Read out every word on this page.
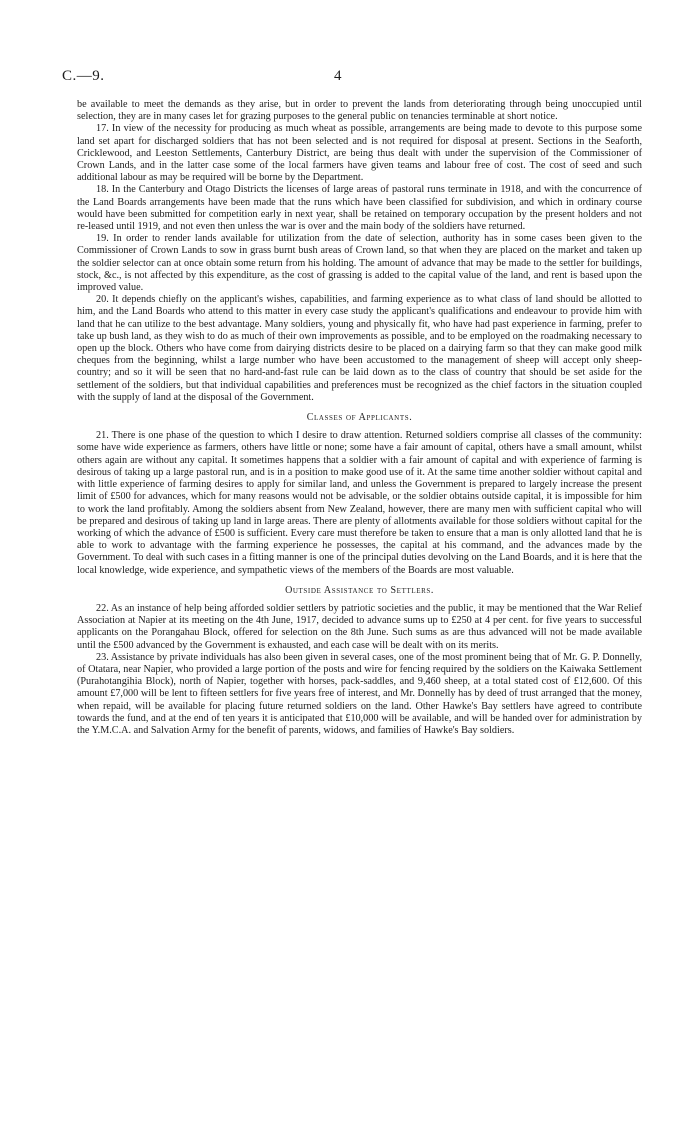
C.—9.	4

be available to meet the demands as they arise, but in order to prevent the lands from deteriorating through being unoccupied until selection, they are in many cases let for grazing purposes to the general public on tenancies terminable at short notice.

17. In view of the necessity for producing as much wheat as possible, arrangements are being made to devote to this purpose some land set apart for discharged soldiers that has not been selected and is not required for disposal at present. Sections in the Seaforth, Cricklewood, and Leeston Settlements, Canterbury District, are being thus dealt with under the supervision of the Commissioner of Crown Lands, and in the latter case some of the local farmers have given teams and labour free of cost. The cost of seed and such additional labour as may be required will be borne by the Department.

18. In the Canterbury and Otago Districts the licenses of large areas of pastoral runs terminate in 1918, and with the concurrence of the Land Boards arrangements have been made that the runs which have been classified for subdivision, and which in ordinary course would have been submitted for competition early in next year, shall be retained on temporary occupation by the present holders and not re-leased until 1919, and not even then unless the war is over and the main body of the soldiers have returned.

19. In order to render lands available for utilization from the date of selection, authority has in some cases been given to the Commissioner of Crown Lands to sow in grass burnt bush areas of Crown land, so that when they are placed on the market and taken up the soldier selector can at once obtain some return from his holding. The amount of advance that may be made to the settler for buildings, stock, &c., is not affected by this expenditure, as the cost of grassing is added to the capital value of the land, and rent is based upon the improved value.

20. It depends chiefly on the applicant's wishes, capabilities, and farming experience as to what class of land should be allotted to him, and the Land Boards who attend to this matter in every case study the applicant's qualifications and endeavour to provide him with land that he can utilize to the best advantage. Many soldiers, young and physically fit, who have had past experience in farming, prefer to take up bush land, as they wish to do as much of their own improvements as possible, and to be employed on the roadmaking necessary to open up the block. Others who have come from dairying districts desire to be placed on a dairying farm so that they can make good milk cheques from the beginning, whilst a large number who have been accustomed to the management of sheep will accept only sheep-country; and so it will be seen that no hard-and-fast rule can be laid down as to the class of country that should be set aside for the settlement of the soldiers, but that individual capabilities and preferences must be recognized as the chief factors in the situation coupled with the supply of land at the disposal of the Government.

Classes of Applicants.

21. There is one phase of the question to which I desire to draw attention. Returned soldiers comprise all classes of the community: some have wide experience as farmers, others have little or none; some have a fair amount of capital, others have a small amount, whilst others again are without any capital. It sometimes happens that a soldier with a fair amount of capital and with experience of farming is desirous of taking up a large pastoral run, and is in a position to make good use of it. At the same time another soldier without capital and with little experience of farming desires to apply for similar land, and unless the Government is prepared to largely increase the present limit of £500 for advances, which for many reasons would not be advisable, or the soldier obtains outside capital, it is impossible for him to work the land profitably. Among the soldiers absent from New Zealand, however, there are many men with sufficient capital who will be prepared and desirous of taking up land in large areas. There are plenty of allotments available for those soldiers without capital for the working of which the advance of £500 is sufficient. Every care must therefore be taken to ensure that a man is only allotted land that he is able to work to advantage with the farming experience he possesses, the capital at his command, and the advances made by the Government. To deal with such cases in a fitting manner is one of the principal duties devolving on the Land Boards, and it is here that the local knowledge, wide experience, and sympathetic views of the members of the Boards are most valuable.

Outside Assistance to Settlers.

22. As an instance of help being afforded soldier settlers by patriotic societies and the public, it may be mentioned that the War Relief Association at Napier at its meeting on the 4th June, 1917, decided to advance sums up to £250 at 4 per cent. for five years to successful applicants on the Porangahau Block, offered for selection on the 8th June. Such sums as are thus advanced will not be made available until the £500 advanced by the Government is exhausted, and each case will be dealt with on its merits.

23. Assistance by private individuals has also been given in several cases, one of the most prominent being that of Mr. G. P. Donnelly, of Otatara, near Napier, who provided a large portion of the posts and wire for fencing required by the soldiers on the Kaiwaka Settlement (Purahotangihia Block), north of Napier, together with horses, pack-saddles, and 9,460 sheep, at a total stated cost of £12,600. Of this amount £7,000 will be lent to fifteen settlers for five years free of interest, and Mr. Donnelly has by deed of trust arranged that the money, when repaid, will be available for placing future returned soldiers on the land. Other Hawke's Bay settlers have agreed to contribute towards the fund, and at the end of ten years it is anticipated that £10,000 will be available, and will be handed over for administration by the Y.M.C.A. and Salvation Army for the benefit of parents, widows, and families of Hawke's Bay soldiers.
